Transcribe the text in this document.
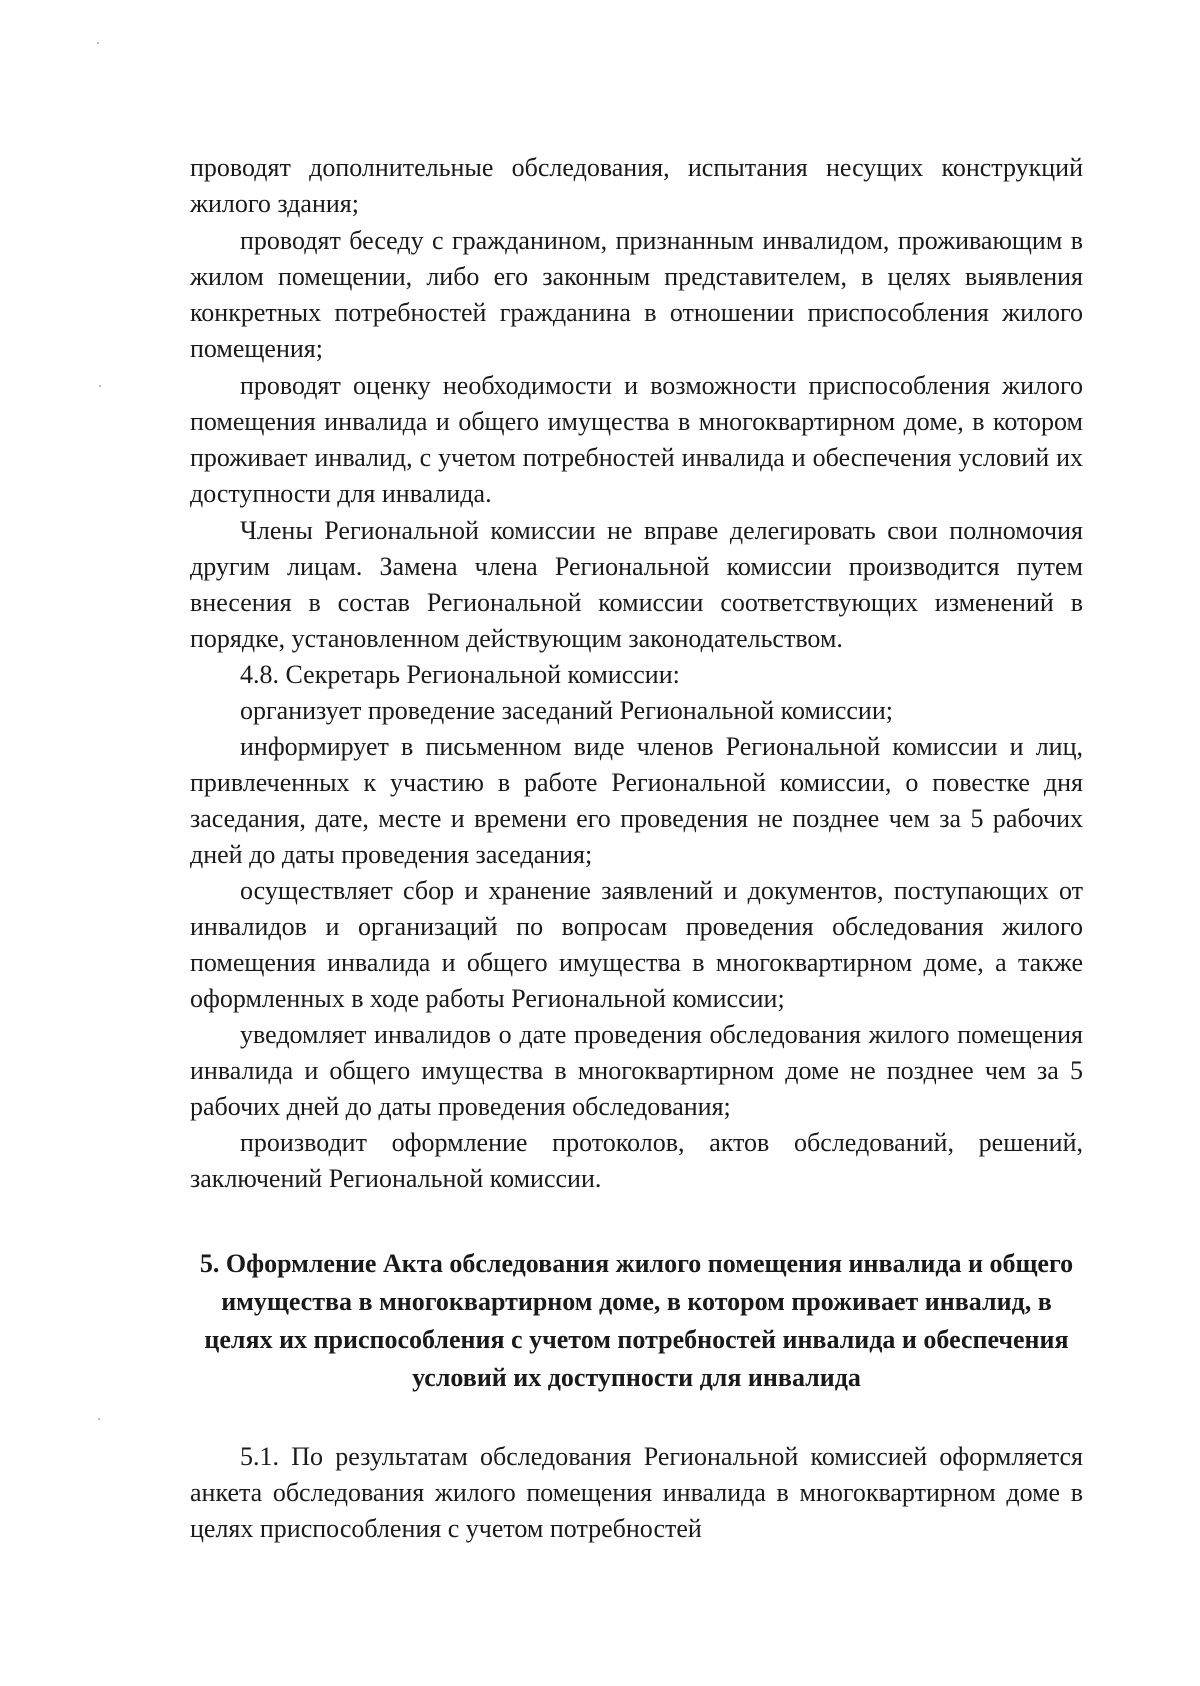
проводят дополнительные обследования, испытания несущих конструкций жилого здания;

проводят беседу с гражданином, признанным инвалидом, проживающим в жилом помещении, либо его законным представителем, в целях выявления конкретных потребностей гражданина в отношении приспособления жилого помещения;

проводят оценку необходимости и возможности приспособления жилого помещения инвалида и общего имущества в многоквартирном доме, в котором проживает инвалид, с учетом потребностей инвалида и обеспечения условий их доступности для инвалида.

Члены Региональной комиссии не вправе делегировать свои полномочия другим лицам. Замена члена Региональной комиссии производится путем внесения в состав Региональной комиссии соответствующих изменений в порядке, установленном действующим законодательством.

4.8. Секретарь Региональной комиссии:

организует проведение заседаний Региональной комиссии;

информирует в письменном виде членов Региональной комиссии и лиц, привлеченных к участию в работе Региональной комиссии, о повестке дня заседания, дате, месте и времени его проведения не позднее чем за 5 рабочих дней до даты проведения заседания;

осуществляет сбор и хранение заявлений и документов, поступающих от инвалидов и организаций по вопросам проведения обследования жилого помещения инвалида и общего имущества в многоквартирном доме, а также оформленных в ходе работы Региональной комиссии;

уведомляет инвалидов о дате проведения обследования жилого помещения инвалида и общего имущества в многоквартирном доме не позднее чем за 5 рабочих дней до даты проведения обследования;

производит оформление протоколов, актов обследований, решений, заключений Региональной комиссии.

5. Оформление Акта обследования жилого помещения инвалида и общего имущества в многоквартирном доме, в котором проживает инвалид, в целях их приспособления с учетом потребностей инвалида и обеспечения условий их доступности для инвалида

5.1. По результатам обследования Региональной комиссией оформляется анкета обследования жилого помещения инвалида в многоквартирном доме в целях приспособления с учетом потребностей
